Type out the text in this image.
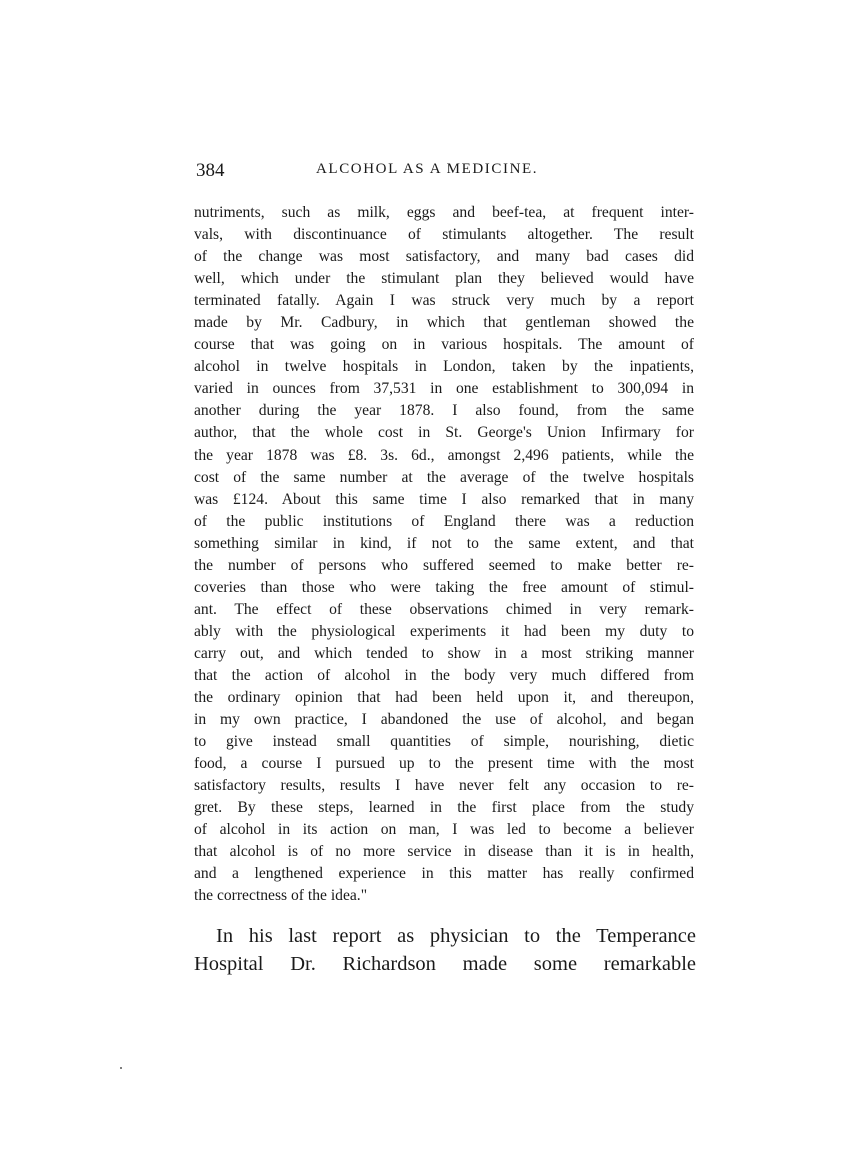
384	ALCOHOL AS A MEDICINE.
nutriments, such as milk, eggs and beef-tea, at frequent inter-
vals, with discontinuance of stimulants altogether. The result
of the change was most satisfactory, and many bad cases did
well, which under the stimulant plan they believed would have
terminated fatally. Again I was struck very much by a report
made by Mr. Cadbury, in which that gentleman showed the
course that was going on in various hospitals. The amount of
alcohol in twelve hospitals in London, taken by the inpatients,
varied in ounces from 37,531 in one establishment to 300,094 in
another during the year 1878. I also found, from the same
author, that the whole cost in St. George's Union Infirmary for
the year 1878 was £8. 3s. 6d., amongst 2,496 patients, while the
cost of the same number at the average of the twelve hospitals
was £124. About this same time I also remarked that in many
of the public institutions of England there was a reduction
something similar in kind, if not to the same extent, and that
the number of persons who suffered seemed to make better re-
coveries than those who were taking the free amount of stimul-
ant. The effect of these observations chimed in very remark-
ably with the physiological experiments it had been my duty to
carry out, and which tended to show in a most striking manner
that the action of alcohol in the body very much differed from
the ordinary opinion that had been held upon it, and thereupon,
in my own practice, I abandoned the use of alcohol, and began
to give instead small quantities of simple, nourishing, dietic
food, a course I pursued up to the present time with the most
satisfactory results, results I have never felt any occasion to re-
gret. By these steps, learned in the first place from the study
of alcohol in its action on man, I was led to become a believer
that alcohol is of no more service in disease than it is in health,
and a lengthened experience in this matter has really confirmed
the correctness of the idea."
In his last report as physician to the Temperance
Hospital Dr. Richardson made some remarkable
